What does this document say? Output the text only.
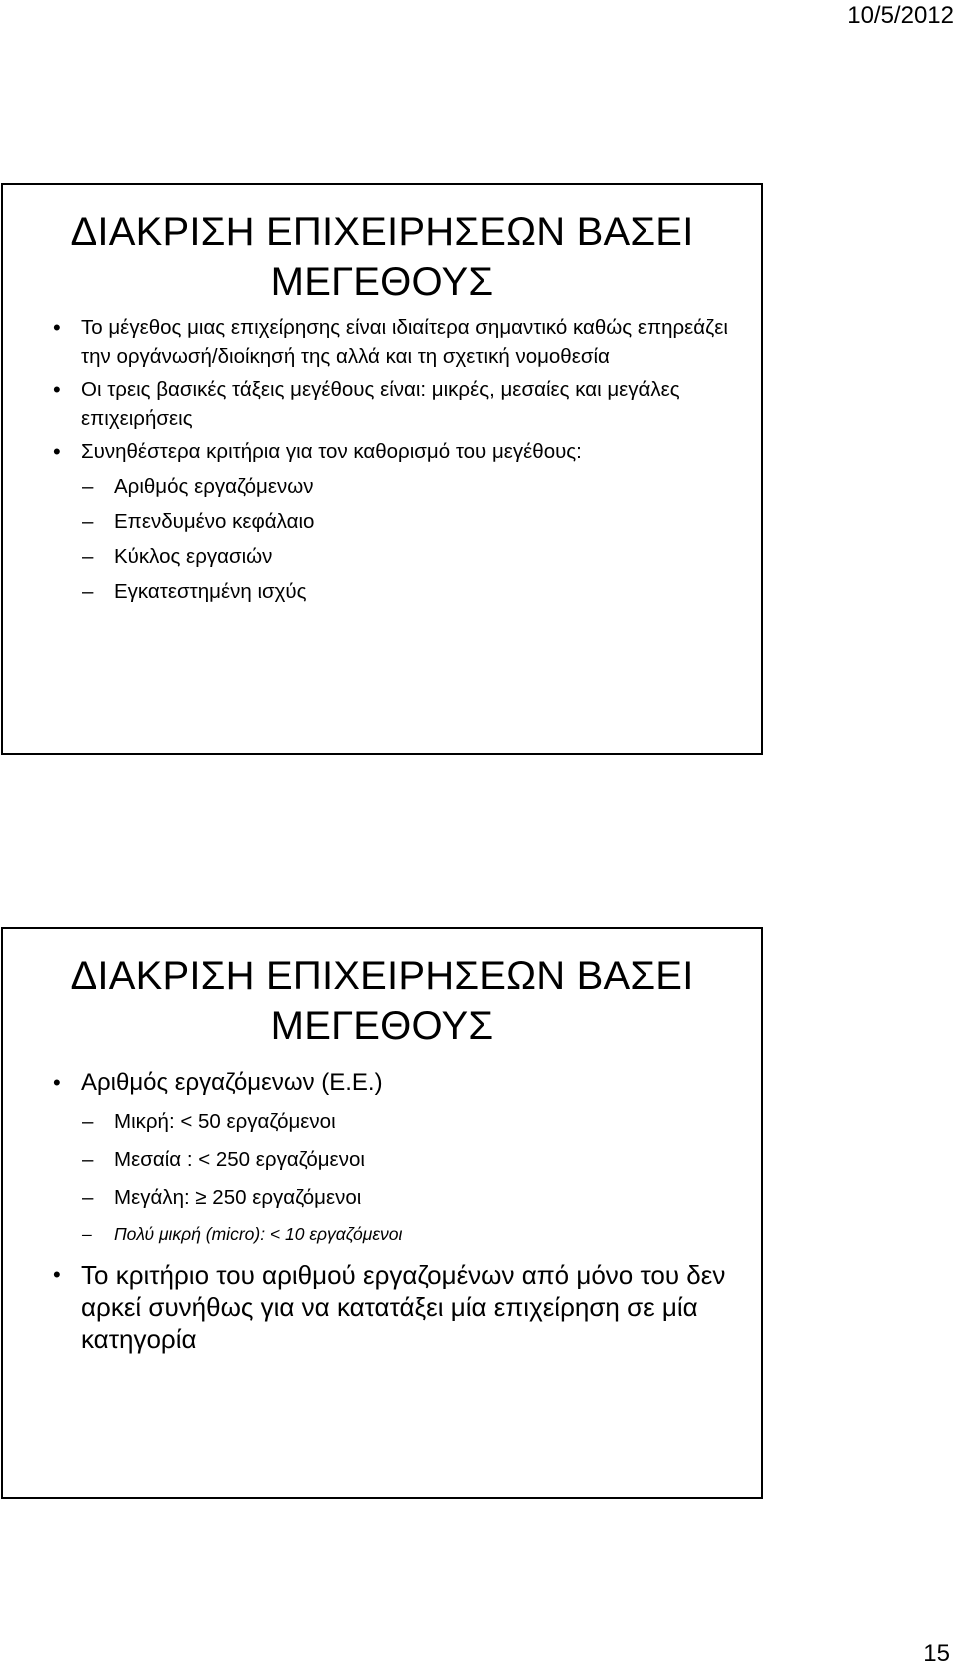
10/5/2012
ΔΙΑΚΡΙΣΗ ΕΠΙΧΕΙΡΗΣΕΩΝ ΒΑΣΕΙ
ΜΕΓΕΘΟΥΣ
• Το μέγεθος μιας επιχείρησης είναι ιδιαίτερα σημαντικό καθώς επηρεάζει την οργάνωσή/διοίκησή της αλλά και τη σχετική νομοθεσία
• Οι τρεις βασικές τάξεις μεγέθους είναι: μικρές, μεσαίες και μεγάλες επιχειρήσεις
• Συνηθέστερα κριτήρια για τον καθορισμό του μεγέθους:
– Αριθμός εργαζόμενων
– Επενδυμένο κεφάλαιο
– Κύκλος εργασιών
– Εγκατεστημένη ισχύς
ΔΙΑΚΡΙΣΗ ΕΠΙΧΕΙΡΗΣΕΩΝ ΒΑΣΕΙ
ΜΕΓΕΘΟΥΣ
• Αριθμός εργαζόμενων (Ε.Ε.)
– Μικρή: < 50 εργαζόμενοι
– Μεσαία : < 250 εργαζόμενοι
– Μεγάλη: ≥ 250 εργαζόμενοι
– Πολύ μικρή (micro): < 10 εργαζόμενοι
• Το κριτήριο του αριθμού εργαζομένων από μόνο του δεν αρκεί συνήθως για να κατατάξει μία επιχείρηση σε μία κατηγορία
15
